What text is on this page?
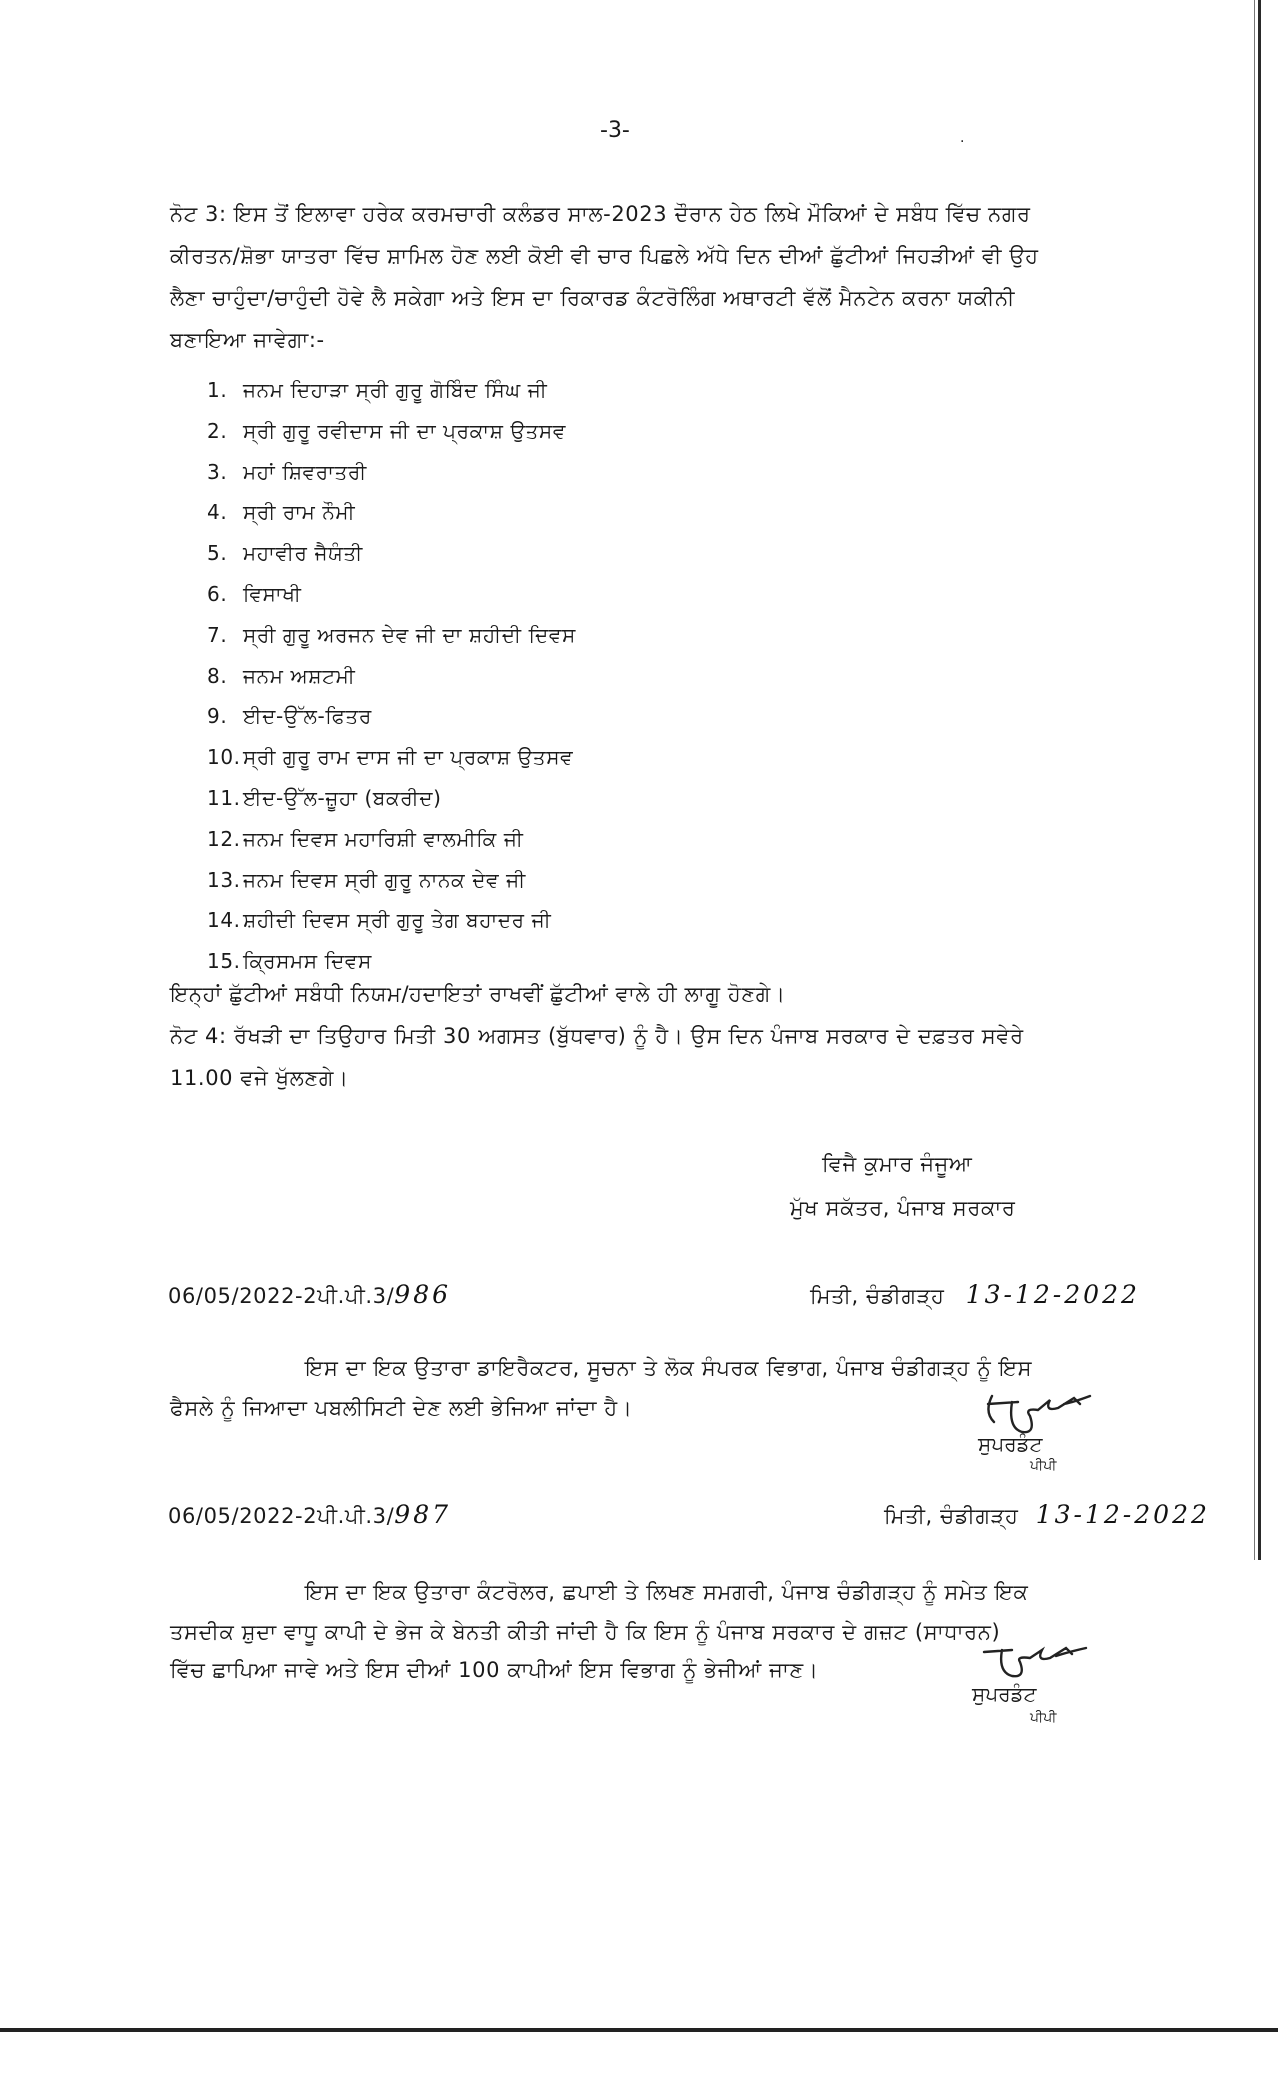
-3-	·
ਨੋਟ 3: ਇਸ ਤੋਂ ਇਲਾਵਾ ਹਰੇਕ ਕਰਮਚਾਰੀ ਕਲੰਡਰ ਸਾਲ-2023 ਦੌਰਾਨ ਹੇਠ ਲਿਖੇ ਮੌਕਿਆਂ ਦੇ ਸਬੰਧ ਵਿੱਚ ਨਗਰ
ਕੀਰਤਨ/ਸ਼ੋਭਾ ਯਾਤਰਾ ਵਿੱਚ ਸ਼ਾਮਿਲ ਹੋਣ ਲਈ ਕੋਈ ਵੀ ਚਾਰ ਪਿਛਲੇ ਅੱਧੇ ਦਿਨ ਦੀਆਂ ਛੁੱਟੀਆਂ ਜਿਹੜੀਆਂ ਵੀ ਉਹ
ਲੈਣਾ ਚਾਹੁੰਦਾ/ਚਾਹੁੰਦੀ ਹੋਵੇ ਲੈ ਸਕੇਗਾ ਅਤੇ ਇਸ ਦਾ ਰਿਕਾਰਡ ਕੰਟਰੋਲਿੰਗ ਅਥਾਰਟੀ ਵੱਲੋਂ ਮੈਨਟੇਨ ਕਰਨਾ ਯਕੀਨੀ
ਬਣਾਇਆ ਜਾਵੇਗਾ:-
1. ਜਨਮ ਦਿਹਾੜਾ ਸ੍ਰੀ ਗੁਰੂ ਗੋਬਿੰਦ ਸਿੰਘ ਜੀ
2. ਸ੍ਰੀ ਗੁਰੂ ਰਵੀਦਾਸ ਜੀ ਦਾ ਪ੍ਰਕਾਸ਼ ਉਤਸਵ
3. ਮਹਾਂ ਸ਼ਿਵਰਾਤਰੀ
4. ਸ੍ਰੀ ਰਾਮ ਨੌਮੀ
5. ਮਹਾਵੀਰ ਜੈਯੰਤੀ
6. ਵਿਸਾਖੀ
7. ਸ੍ਰੀ ਗੁਰੂ ਅਰਜਨ ਦੇਵ ਜੀ ਦਾ ਸ਼ਹੀਦੀ ਦਿਵਸ
8. ਜਨਮ ਅਸ਼ਟਮੀ
9. ਈਦ-ਉੱਲ-ਫਿਤਰ
10. ਸ੍ਰੀ ਗੁਰੂ ਰਾਮ ਦਾਸ ਜੀ ਦਾ ਪ੍ਰਕਾਸ਼ ਉਤਸਵ
11. ਈਦ-ਉੱਲ-ਜ਼ੂਹਾ (ਬਕਰੀਦ)
12. ਜਨਮ ਦਿਵਸ ਮਹਾਰਿਸ਼ੀ ਵਾਲਮੀਕਿ ਜੀ
13. ਜਨਮ ਦਿਵਸ ਸ੍ਰੀ ਗੁਰੂ ਨਾਨਕ ਦੇਵ ਜੀ
14. ਸ਼ਹੀਦੀ ਦਿਵਸ ਸ੍ਰੀ ਗੁਰੂ ਤੇਗ ਬਹਾਦਰ ਜੀ
15. ਕ੍ਰਿਸਮਸ ਦਿਵਸ
ਇਨ੍ਹਾਂ ਛੁੱਟੀਆਂ ਸਬੰਧੀ ਨਿਯਮ/ਹਦਾਇਤਾਂ ਰਾਖਵੀਂ ਛੁੱਟੀਆਂ ਵਾਲੇ ਹੀ ਲਾਗੂ ਹੋਣਗੇ।
ਨੋਟ 4: ਰੱਖੜੀ ਦਾ ਤਿਉਹਾਰ ਮਿਤੀ 30 ਅਗਸਤ (ਬੁੱਧਵਾਰ) ਨੂੰ ਹੈ। ਉਸ ਦਿਨ ਪੰਜਾਬ ਸਰਕਾਰ ਦੇ ਦਫ਼ਤਰ ਸਵੇਰੇ
11.00 ਵਜੇ ਖੁੱਲਣਗੇ।
ਵਿਜੈ ਕੁਮਾਰ ਜੰਜੂਆ
ਮੁੱਖ ਸਕੱਤਰ, ਪੰਜਾਬ ਸਰਕਾਰ
06/05/2022-2ਪੀ.ਪੀ.3/986	ਮਿਤੀ, ਚੰਡੀਗੜ੍ਹ 13-12-2022
ਇਸ ਦਾ ਇਕ ਉਤਾਰਾ ਡਾਇਰੈਕਟਰ, ਸੂਚਨਾ ਤੇ ਲੋਕ ਸੰਪਰਕ ਵਿਭਾਗ, ਪੰਜਾਬ ਚੰਡੀਗੜ੍ਹ ਨੂੰ ਇਸ
ਫੈਸਲੇ ਨੂੰ ਜਿਆਦਾ ਪਬਲੀਸਿਟੀ ਦੇਣ ਲਈ ਭੇਜਿਆ ਜਾਂਦਾ ਹੈ।
ਸੁਪਰਡੰਟ
ਪੀਪੀ
06/05/2022-2ਪੀ.ਪੀ.3/987	ਮਿਤੀ, ਚੰਡੀਗੜ੍ਹ 13-12-2022
ਇਸ ਦਾ ਇਕ ਉਤਾਰਾ ਕੰਟਰੋਲਰ, ਛਪਾਈ ਤੇ ਲਿਖਣ ਸਮਗਰੀ, ਪੰਜਾਬ ਚੰਡੀਗੜ੍ਹ ਨੂੰ ਸਮੇਤ ਇਕ
ਤਸਦੀਕ ਸ਼ੁਦਾ ਵਾਧੂ ਕਾਪੀ ਦੇ ਭੇਜ ਕੇ ਬੇਨਤੀ ਕੀਤੀ ਜਾਂਦੀ ਹੈ ਕਿ ਇਸ ਨੂੰ ਪੰਜਾਬ ਸਰਕਾਰ ਦੇ ਗਜ਼ਟ (ਸਾਧਾਰਨ)
ਵਿੱਚ ਛਾਪਿਆ ਜਾਵੇ ਅਤੇ ਇਸ ਦੀਆਂ 100 ਕਾਪੀਆਂ ਇਸ ਵਿਭਾਗ ਨੂੰ ਭੇਜੀਆਂ ਜਾਣ।
ਸੁਪਰਡੰਟ
ਪੀਪੀ
